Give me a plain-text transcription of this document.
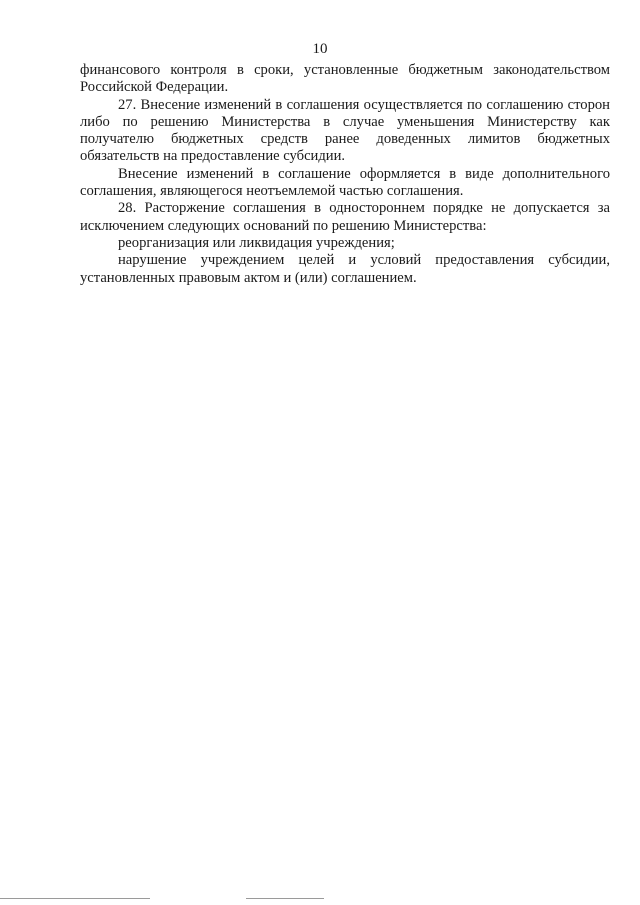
10

финансового контроля в сроки, установленные бюджетным законодательством Российской Федерации.

27. Внесение изменений в соглашения осуществляется по соглашению сторон либо по решению Министерства в случае уменьшения Министерству как получателю бюджетных средств ранее доведенных лимитов бюджетных обязательств на предоставление субсидии.

Внесение изменений в соглашение оформляется в виде дополнительного соглашения, являющегося неотъемлемой частью соглашения.

28. Расторжение соглашения в одностороннем порядке не допускается за исключением следующих оснований по решению Министерства:

реорганизация или ликвидация учреждения;

нарушение учреждением целей и условий предоставления субсидии, установленных правовым актом и (или) соглашением.
